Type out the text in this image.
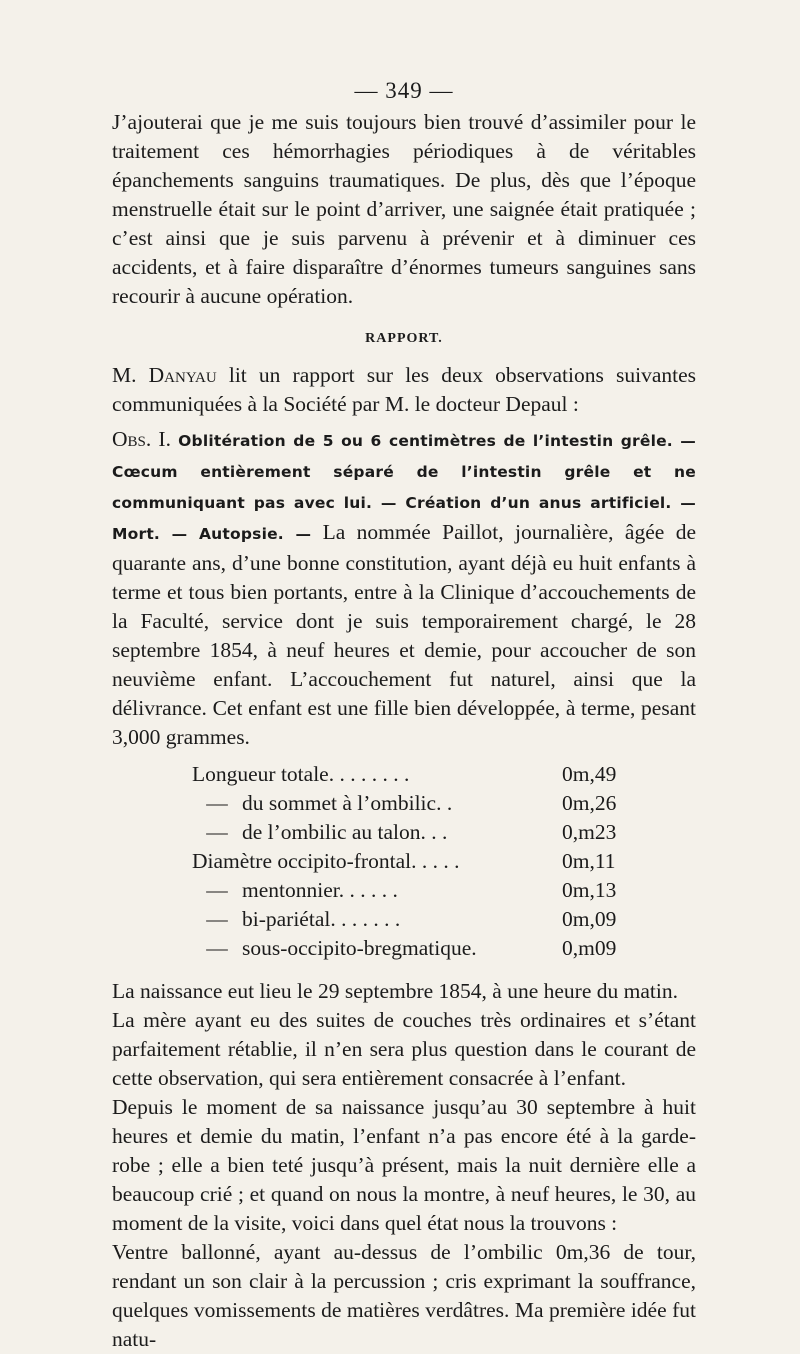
— 349 —

J’ajouterai que je me suis toujours bien trouvé d’assimiler pour le traitement ces hémorrhagies périodiques à de véritables épanchements sanguins traumatiques. De plus, dès que l’époque menstruelle était sur le point d’arriver, une saignée était pratiquée ; c’est ainsi que je suis parvenu à prévenir et à diminuer ces accidents, et à faire disparaître d’énormes tumeurs sanguines sans recourir à aucune opération.

RAPPORT.

M. Danyau lit un rapport sur les deux observations suivantes communiquées à la Société par M. le docteur Depaul :

Obs. I. Oblitération de 5 ou 6 centimètres de l’intestin grêle. — Cœcum entièrement séparé de l’intestin grêle et ne communiquant pas avec lui. — Création d’un anus artificiel. — Mort. — Autopsie. — La nommée Paillot, journalière, âgée de quarante ans, d’une bonne constitution, ayant déjà eu huit enfants à terme et tous bien portants, entre à la Clinique d’accouchements de la Faculté, service dont je suis temporairement chargé, le 28 septembre 1854, à neuf heures et demie, pour accoucher de son neuvième enfant. L’accouchement fut naturel, ainsi que la délivrance. Cet enfant est une fille bien développée, à terme, pesant 3,000 grammes.

Longueur totale. . . . . . . .		0m,49
—	du sommet à l’ombilic. .	0m,26
—	de l’ombilic au talon. . .	0,m23
Diamètre occipito-frontal. . . . .		0m,11
—	mentonnier. . . . . .	0m,13
—	bi-pariétal. . . . . . .	0m,09
—	sous-occipito-bregmatique.	0,m09

La naissance eut lieu le 29 septembre 1854, à une heure du matin.

La mère ayant eu des suites de couches très ordinaires et s’étant parfaitement rétablie, il n’en sera plus question dans le courant de cette observation, qui sera entièrement consacrée à l’enfant.

Depuis le moment de sa naissance jusqu’au 30 septembre à huit heures et demie du matin, l’enfant n’a pas encore été à la garde-robe ; elle a bien teté jusqu’à présent, mais la nuit dernière elle a beaucoup crié ; et quand on nous la montre, à neuf heures, le 30, au moment de la visite, voici dans quel état nous la trouvons :

Ventre ballonné, ayant au-dessus de l’ombilic 0m,36 de tour, rendant un son clair à la percussion ; cris exprimant la souffrance, quelques vomissements de matières verdâtres. Ma première idée fut natu-
